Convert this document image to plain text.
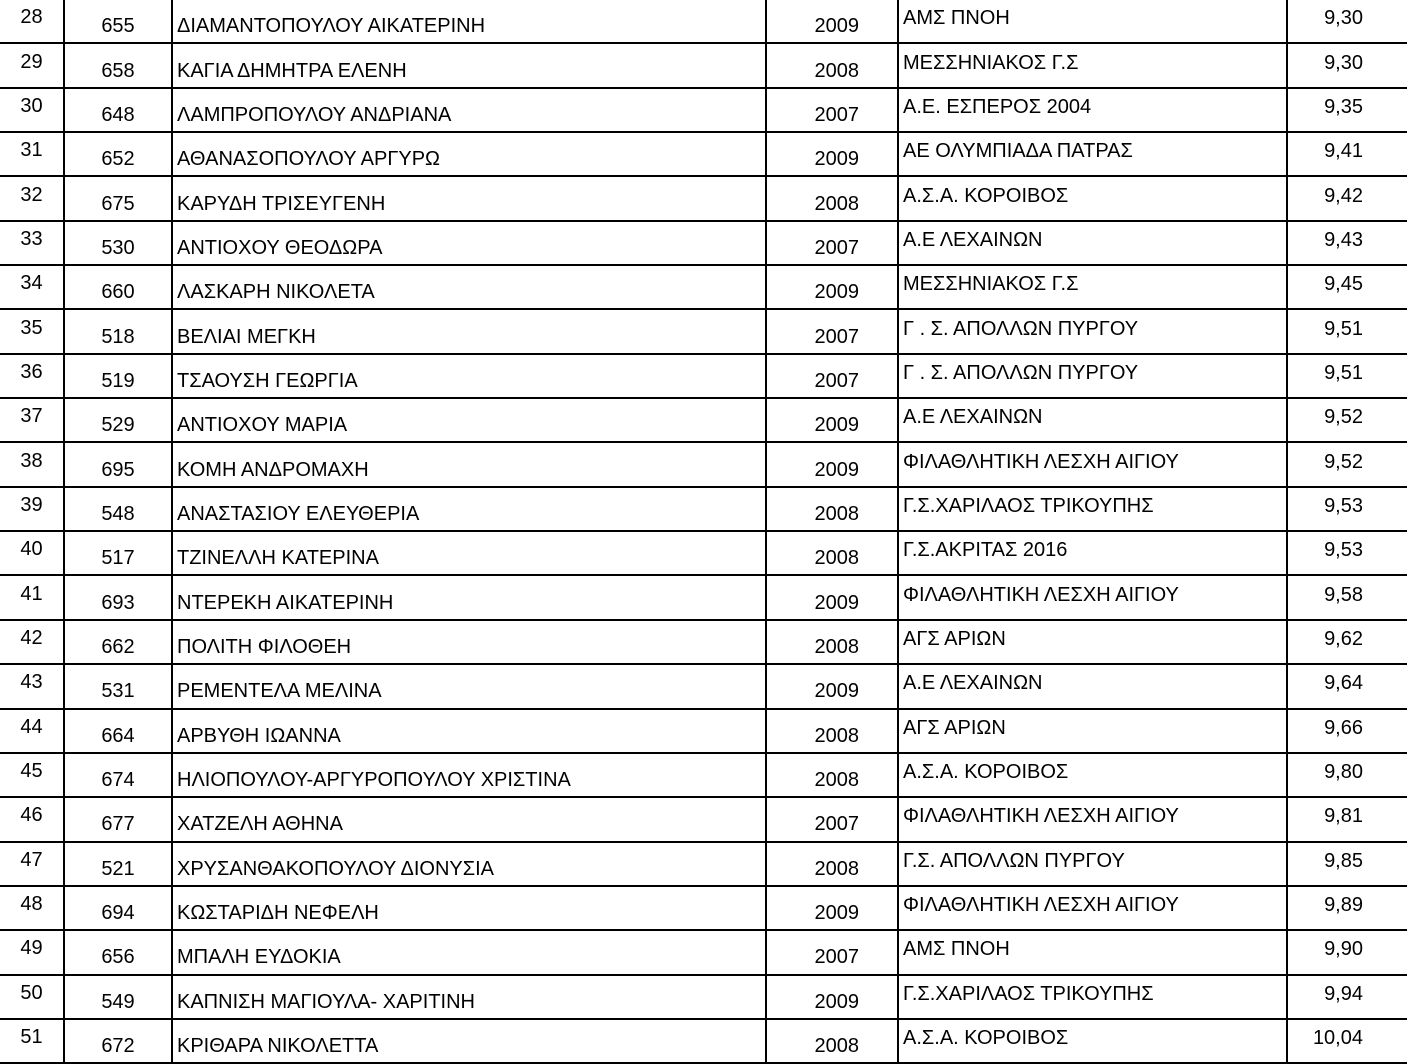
28	655	ΔΙΑΜΑΝΤΟΠΟΥΛΟΥ ΑΙΚΑΤΕΡΙΝΗ	2009	ΑΜΣ ΠΝΟΗ	9,30
29	658	ΚΑΓΙΑ ΔΗΜΗΤΡΑ ΕΛΕΝΗ	2008	ΜΕΣΣΗΝΙΑΚΟΣ Γ.Σ	9,30
30	648	ΛΑΜΠΡΟΠΟΥΛΟΥ ΑΝΔΡΙΑΝΑ	2007	Α.Ε. ΕΣΠΕΡΟΣ 2004	9,35
31	652	ΑΘΑΝΑΣΟΠΟΥΛΟΥ ΑΡΓΥΡΩ	2009	ΑΕ ΟΛΥΜΠΙΑΔΑ ΠΑΤΡΑΣ	9,41
32	675	ΚΑΡΥΔΗ ΤΡΙΣΕΥΓΕΝΗ	2008	Α.Σ.Α. ΚΟΡΟΙΒΟΣ	9,42
33	530	ΑΝΤΙΟΧΟΥ ΘΕΟΔΩΡΑ	2007	Α.Ε ΛΕΧΑΙΝΩΝ	9,43
34	660	ΛΑΣΚΑΡΗ ΝΙΚΟΛΕΤΑ	2009	ΜΕΣΣΗΝΙΑΚΟΣ Γ.Σ	9,45
35	518	ΒΕΛΙΑΙ ΜΕΓΚΗ	2007	Γ . Σ. ΑΠΟΛΛΩΝ ΠΥΡΓΟΥ	9,51
36	519	ΤΣΑΟΥΣΗ ΓΕΩΡΓΙΑ	2007	Γ . Σ. ΑΠΟΛΛΩΝ ΠΥΡΓΟΥ	9,51
37	529	ΑΝΤΙΟΧΟΥ ΜΑΡΙΑ	2009	Α.Ε ΛΕΧΑΙΝΩΝ	9,52
38	695	ΚΟΜΗ ΑΝΔΡΟΜΑΧΗ	2009	ΦΙΛΑΘΛΗΤΙΚΗ ΛΕΣΧΗ ΑΙΓΙΟΥ	9,52
39	548	ΑΝΑΣΤΑΣΙΟΥ ΕΛΕΥΘΕΡΙΑ	2008	Γ.Σ.ΧΑΡΙΛΑΟΣ ΤΡΙΚΟΥΠΗΣ	9,53
40	517	ΤΖΙΝΕΛΛΗ ΚΑΤΕΡΙΝΑ	2008	Γ.Σ.ΑΚΡΙΤΑΣ 2016	9,53
41	693	ΝΤΕΡΕΚΗ ΑΙΚΑΤΕΡΙΝΗ	2009	ΦΙΛΑΘΛΗΤΙΚΗ ΛΕΣΧΗ ΑΙΓΙΟΥ	9,58
42	662	ΠΟΛΙΤΗ ΦΙΛΟΘΕΗ	2008	ΑΓΣ ΑΡΙΩΝ	9,62
43	531	ΡΕΜΕΝΤΕΛΑ ΜΕΛΙΝΑ	2009	Α.Ε ΛΕΧΑΙΝΩΝ	9,64
44	664	ΑΡΒΥΘΗ ΙΩΑΝΝΑ	2008	ΑΓΣ ΑΡΙΩΝ	9,66
45	674	ΗΛΙΟΠΟΥΛΟΥ-ΑΡΓΥΡΟΠΟΥΛΟΥ ΧΡΙΣΤΙΝΑ	2008	Α.Σ.Α. ΚΟΡΟΙΒΟΣ	9,80
46	677	ΧΑΤΖΕΛΗ ΑΘΗΝΑ	2007	ΦΙΛΑΘΛΗΤΙΚΗ ΛΕΣΧΗ ΑΙΓΙΟΥ	9,81
47	521	ΧΡΥΣΑΝΘΑΚΟΠΟΥΛΟΥ ΔΙΟΝΥΣΙΑ	2008	Γ.Σ. ΑΠΟΛΛΩΝ ΠΥΡΓΟΥ	9,85
48	694	ΚΩΣΤΑΡΙΔΗ ΝΕΦΕΛΗ	2009	ΦΙΛΑΘΛΗΤΙΚΗ ΛΕΣΧΗ ΑΙΓΙΟΥ	9,89
49	656	ΜΠΑΛΗ ΕΥΔΟΚΙΑ	2007	ΑΜΣ ΠΝΟΗ	9,90
50	549	ΚΑΠΝΙΣΗ ΜΑΓΙΟΥΛΑ- ΧΑΡΙΤΙΝΗ	2009	Γ.Σ.ΧΑΡΙΛΑΟΣ ΤΡΙΚΟΥΠΗΣ	9,94
51	672	ΚΡΙΘΑΡΑ ΝΙΚΟΛΕΤΤΑ	2008	Α.Σ.Α. ΚΟΡΟΙΒΟΣ	10,04
